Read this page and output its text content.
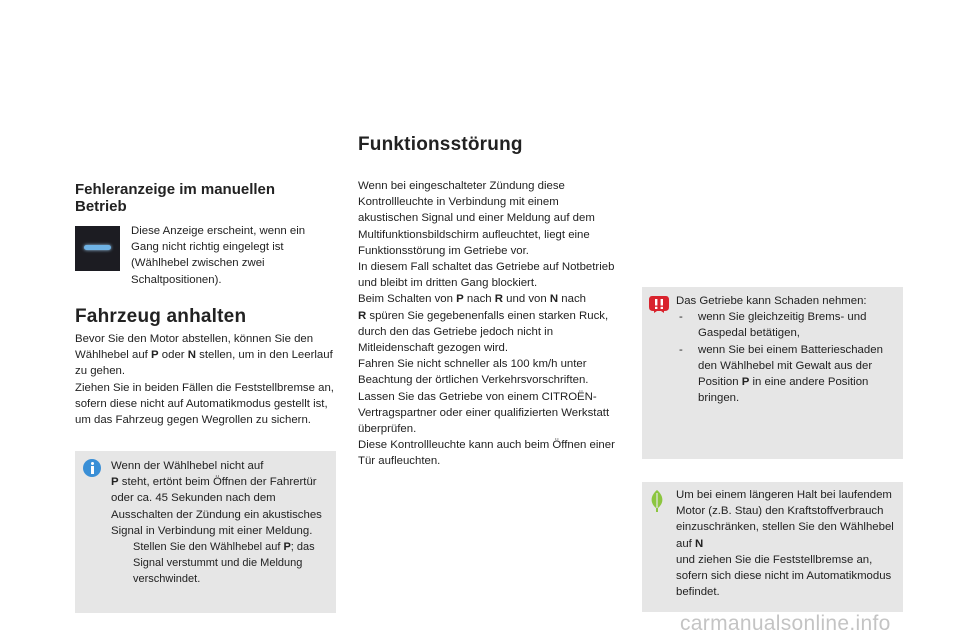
Fehleranzeige im manuellen Betrieb
Diese Anzeige erscheint, wenn ein Gang nicht richtig eingelegt ist (Wählhebel zwischen zwei Schaltpositionen).
Fahrzeug anhalten

Bevor Sie den Motor abstellen, können Sie den Wählhebel auf P oder N stellen, um in den Leerlauf zu gehen.

Ziehen Sie in beiden Fällen die Feststellbremse an, sofern diese nicht auf Automatikmodus gestellt ist, um das Fahrzeug gegen Wegrollen zu sichern.

Wenn der Wählhebel nicht auf
P steht, ertönt beim Öffnen der Fahrertür oder ca. 45 Sekunden nach dem Ausschalten der Zündung ein akustisches Signal in Verbindung mit einer Meldung.

Stellen Sie den Wählhebel auf P; das Signal verstummt und die Meldung verschwindet.
Funktionsstörung

Wenn bei eingeschalteter Zündung diese Kontrollleuchte in Verbindung mit einem akustischen Signal und einer Meldung auf dem Multifunktionsbildschirm aufleuchtet, liegt eine Funktionsstörung im Getriebe vor.

In diesem Fall schaltet das Getriebe auf Notbetrieb und bleibt im dritten Gang blockiert.

Beim Schalten von P nach R und von N nach
R spüren Sie gegebenenfalls einen starken Ruck, durch den das Getriebe jedoch nicht in Mitleidenschaft gezogen wird.

Fahren Sie nicht schneller als 100 km/h unter Beachtung der örtlichen Verkehrsvorschriften.

Lassen Sie das Getriebe von einem CITROËN-Vertragspartner oder einer qualifizierten Werkstatt überprüfen.

Diese Kontrollleuchte kann auch beim Öffnen einer Tür aufleuchten.

Das Getriebe kann Schaden nehmen:

- wenn Sie gleichzeitig Brems- und Gaspedal betätigen,
- wenn Sie bei einem Batterieschaden den Wählhebel mit Gewalt aus der Position P in eine andere Position bringen.

Um bei einem längeren Halt bei laufendem Motor (z.B. Stau) den Kraftstoffverbrauch einzuschränken, stellen Sie den Wählhebel auf N
und ziehen Sie die Feststellbremse an, sofern sich diese nicht im Automatikmodus befindet.

carmanualsonline.info
